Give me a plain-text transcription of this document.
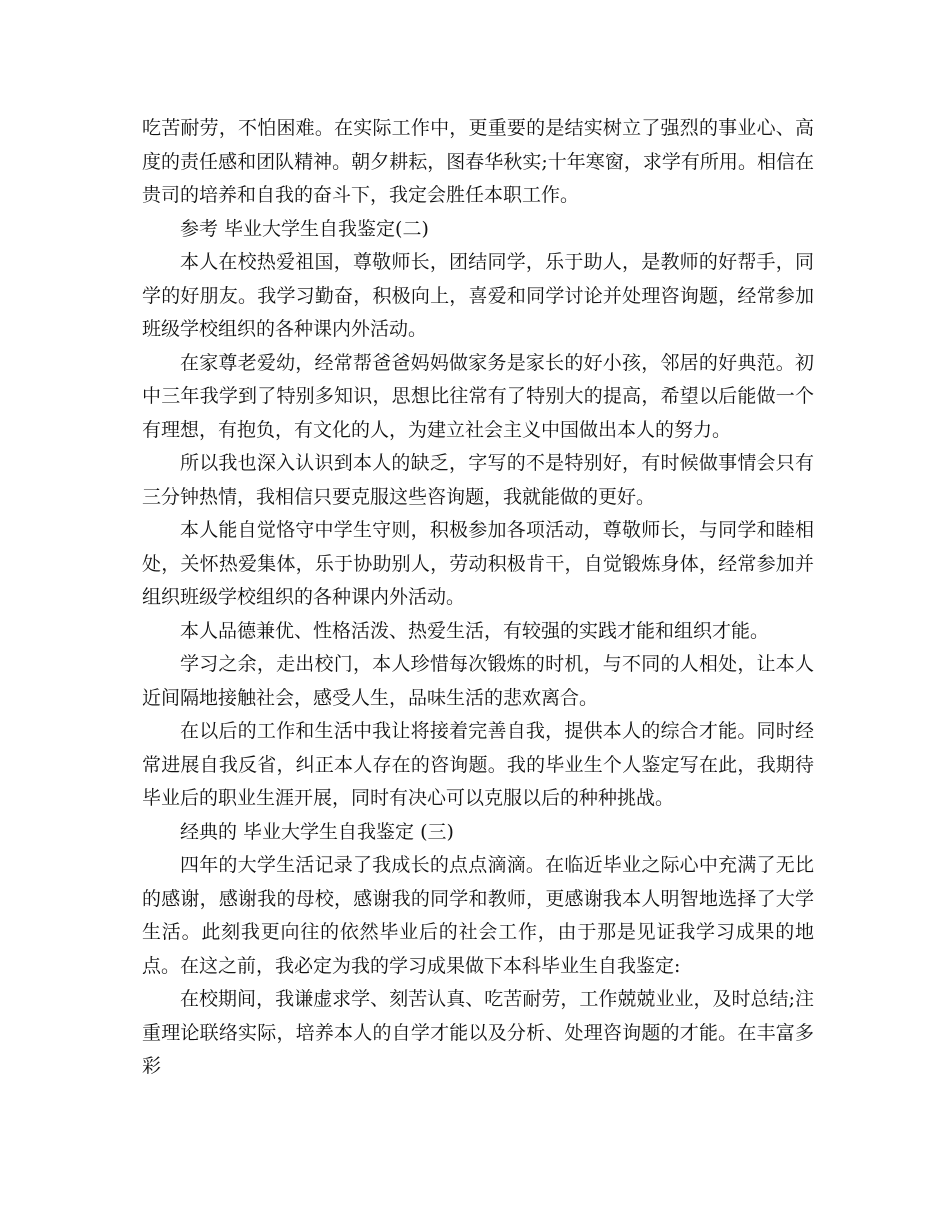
吃苦耐劳，不怕困难。在实际工作中，更重要的是结实树立了强烈的事业心、高度的责任感和团队精神。朝夕耕耘，图春华秋实;十年寒窗，求学有所用。相信在贵司的培养和自我的奋斗下，我定会胜任本职工作。

参考 毕业大学生自我鉴定(二)

本人在校热爱祖国，尊敬师长，团结同学，乐于助人，是教师的好帮手，同学的好朋友。我学习勤奋，积极向上，喜爱和同学讨论并处理咨询题，经常参加班级学校组织的各种课内外活动。

在家尊老爱幼，经常帮爸爸妈妈做家务是家长的好小孩，邻居的好典范。初中三年我学到了特别多知识，思想比往常有了特别大的提高，希望以后能做一个有理想，有抱负，有文化的人，为建立社会主义中国做出本人的努力。

所以我也深入认识到本人的缺乏，字写的不是特别好，有时候做事情会只有三分钟热情，我相信只要克服这些咨询题，我就能做的更好。

本人能自觉恪守中学生守则，积极参加各项活动，尊敬师长，与同学和睦相处，关怀热爱集体，乐于协助别人，劳动积极肯干，自觉锻炼身体，经常参加并组织班级学校组织的各种课内外活动。

本人品德兼优、性格活泼、热爱生活，有较强的实践才能和组织才能。

学习之余，走出校门，本人珍惜每次锻炼的时机，与不同的人相处，让本人近间隔地接触社会，感受人生，品味生活的悲欢离合。

在以后的工作和生活中我让将接着完善自我，提供本人的综合才能。同时经常进展自我反省，纠正本人存在的咨询题。我的毕业生个人鉴定写在此，我期待毕业后的职业生涯开展，同时有决心可以克服以后的种种挑战。

经典的 毕业大学生自我鉴定 (三)

四年的大学生活记录了我成长的点点滴滴。在临近毕业之际心中充满了无比的感谢，感谢我的母校，感谢我的同学和教师，更感谢我本人明智地选择了大学生活。此刻我更向往的依然毕业后的社会工作，由于那是见证我学习成果的地点。在这之前，我必定为我的学习成果做下本科毕业生自我鉴定:

在校期间，我谦虚求学、刻苦认真、吃苦耐劳，工作兢兢业业，及时总结;注重理论联络实际，培养本人的自学才能以及分析、处理咨询题的才能。在丰富多彩
